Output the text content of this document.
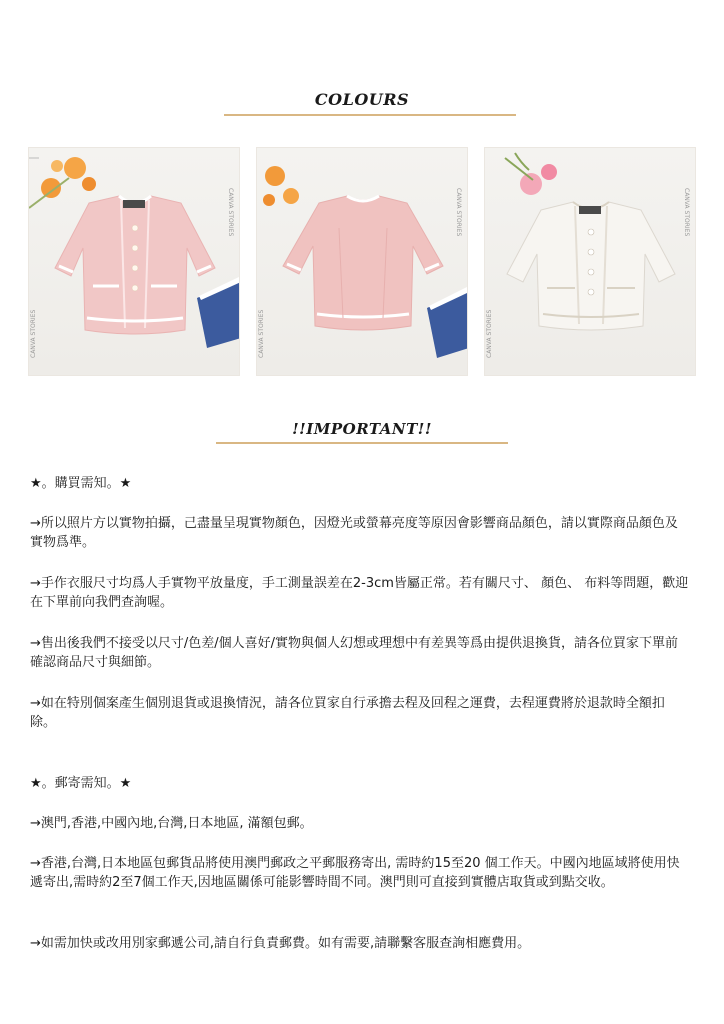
COLOURS
CANVA STORIES
CANVA STORIES
CANVA STORIES
CANVA STORIES
CANVA STORIES
CANVA STORIES
!!IMPORTANT!!

★。購買需知。★

→所以照片方以實物拍攝，己盡量呈現實物顏色，因燈光或螢幕亮度等原因會影響商品顏色，請以實際商品顏色及實物爲準。

→手作衣服尺寸均爲人手實物平放量度，手工測量誤差在2-3cm皆屬正常。若有關尺寸、 顏色、 布料等問題，歡迎在下單前向我們查詢喔。

→售出後我們不接受以尺寸/色差/個人喜好/實物與個人幻想或理想中有差異等爲由提供退換貨，請各位買家下單前確認商品尺寸與細節。

→如在特別個案產生個別退貨或退換情況，請各位買家自行承擔去程及回程之運費，去程運費將於退款時全額扣除。

★。郵寄需知。★

→澳門,香港,中國內地,台灣,日本地區, 滿額包郵。

→香港,台灣,日本地區包郵貨品將使用澳門郵政之平郵服務寄出, 需時約15至20 個工作天。中國內地區域將使用快遞寄出,需時約2至7個工作天,因地區關係可能影響時間不同。澳門則可直接到實體店取貨或到點交收。

→如需加快或改用別家郵遞公司,請自行負責郵費。如有需要,請聯繫客服查詢相應費用。
